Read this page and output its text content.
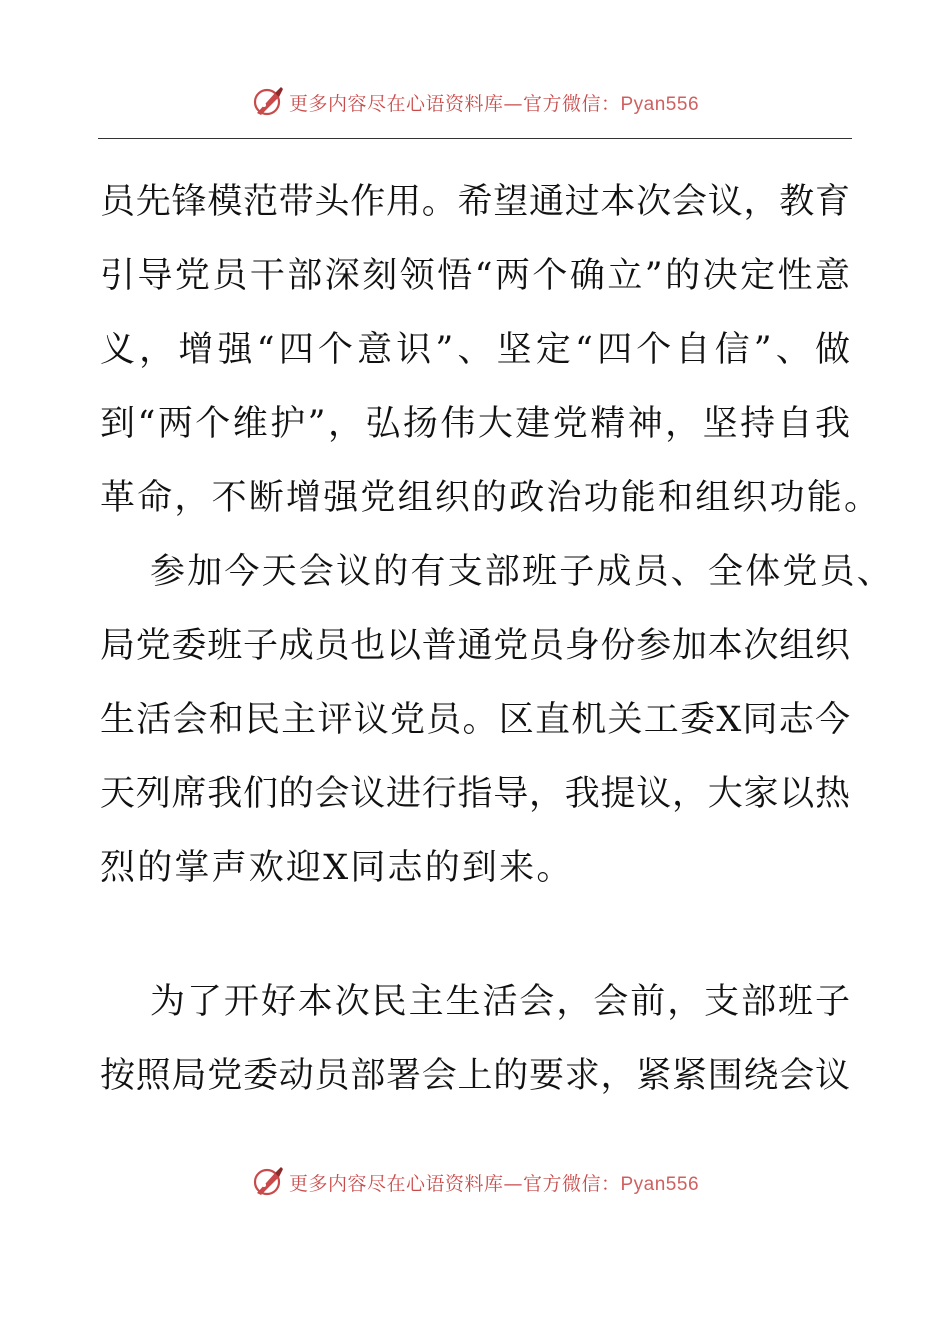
更多内容尽在心语资料库—官方微信：Pyan556
员先锋模范带头作用。希望通过本次会议，教育
引导党员干部深刻领悟“两个确立”的决定性意
义，增强“四个意识”、坚定“四个自信”、做
到“两个维护”，弘扬伟大建党精神，坚持自我
革命，不断增强党组织的政治功能和组织功能。
参加今天会议的有支部班子成员、全体党员、
局党委班子成员也以普通党员身份参加本次组织
生活会和民主评议党员。区直机关工委X同志今
天列席我们的会议进行指导，我提议，大家以热
烈的掌声欢迎X同志的到来。
为了开好本次民主生活会，会前，支部班子
按照局党委动员部署会上的要求，紧紧围绕会议
更多内容尽在心语资料库—官方微信：Pyan556
